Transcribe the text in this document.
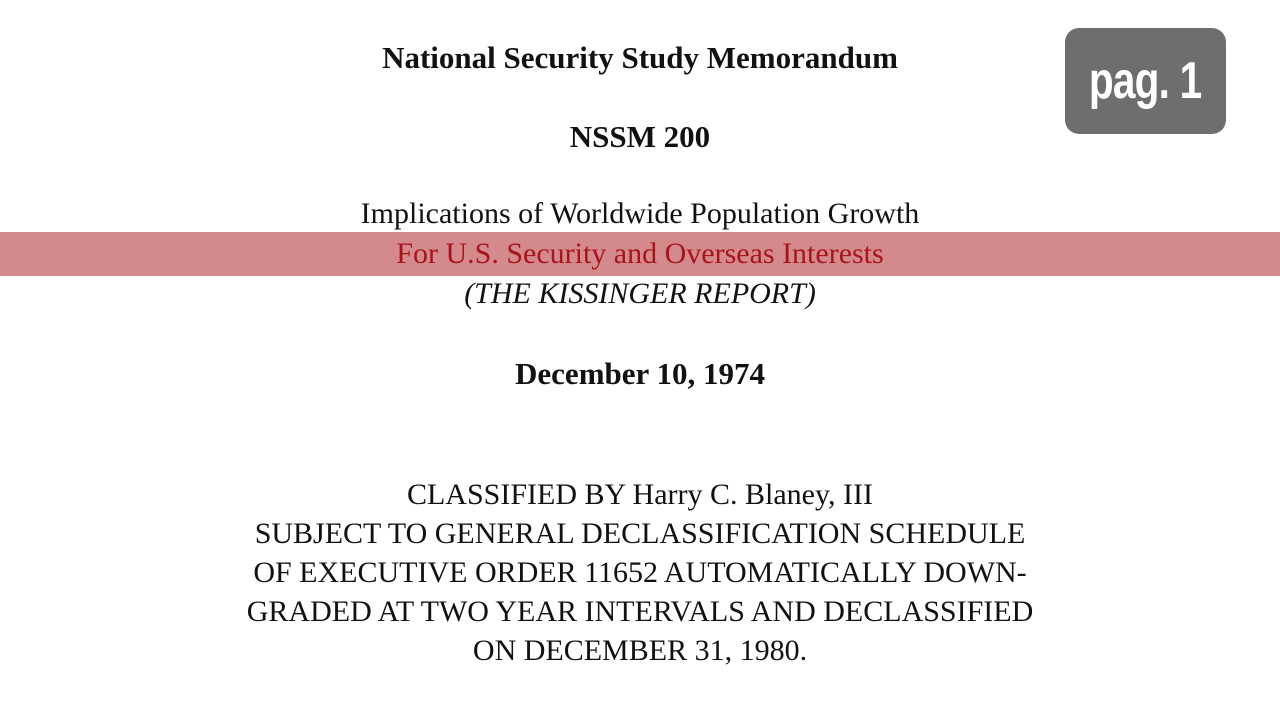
National Security Study Memorandum
NSSM 200
Implications of Worldwide Population Growth
For U.S. Security and Overseas Interests
(THE KISSINGER REPORT)
December 10, 1974
CLASSIFIED BY Harry C. Blaney, III
SUBJECT TO GENERAL DECLASSIFICATION SCHEDULE
OF EXECUTIVE ORDER 11652 AUTOMATICALLY DOWN-
GRADED AT TWO YEAR INTERVALS AND DECLASSIFIED
ON DECEMBER 31, 1980.
pag. 1
